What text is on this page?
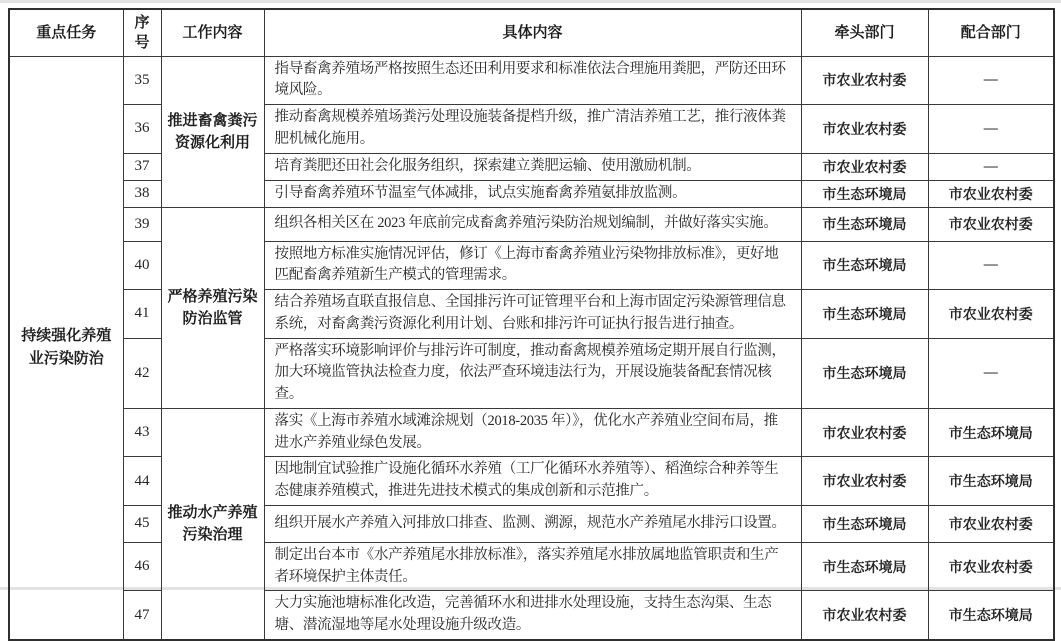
重点任务	序号	工作内容	具体内容	牵头部门	配合部门
持续强化养殖业污染防治	35	推进畜禽粪污资源化利用	指导畜禽养殖场严格按照生态还田利用要求和标准依法合理施用粪肥，严防还田环境风险。	市农业农村委	—
	36		推动畜禽规模养殖场粪污处理设施装备提档升级，推广清洁养殖工艺，推行液体粪肥机械化施用。	市农业农村委	—
	37		培育粪肥还田社会化服务组织，探索建立粪肥运输、使用激励机制。	市农业农村委	—
	38		引导畜禽养殖环节温室气体减排，试点实施畜禽养殖氨排放监测。	市生态环境局	市农业农村委
	39	严格养殖污染防治监管	组织各相关区在 2023 年底前完成畜禽养殖污染防治规划编制，并做好落实实施。	市生态环境局	市农业农村委
	40		按照地方标准实施情况评估，修订《上海市畜禽养殖业污染物排放标准》，更好地匹配畜禽养殖新生产模式的管理需求。	市生态环境局	—
	41		结合养殖场直联直报信息、全国排污许可证管理平台和上海市固定污染源管理信息系统，对畜禽粪污资源化利用计划、台账和排污许可证执行报告进行抽查。	市生态环境局	市农业农村委
	42		严格落实环境影响评价与排污许可制度，推动畜禽规模养殖场定期开展自行监测，加大环境监管执法检查力度，依法严查环境违法行为，开展设施装备配套情况核查。	市生态环境局	—
	43	推动水产养殖污染治理	落实《上海市养殖水域滩涂规划（2018-2035 年）》，优化水产养殖业空间布局，推进水产养殖业绿色发展。	市农业农村委	市生态环境局
	44		因地制宜试验推广设施化循环水养殖（工厂化循环水养殖等）、稻渔综合种养等生态健康养殖模式，推进先进技术模式的集成创新和示范推广。	市农业农村委	市生态环境局
	45		组织开展水产养殖入河排放口排查、监测、溯源，规范水产养殖尾水排污口设置。	市生态环境局	市农业农村委
	46		制定出台本市《水产养殖尾水排放标准》，落实养殖尾水排放属地监管职责和生产者环境保护主体责任。	市生态环境局	市农业农村委
	47		大力实施池塘标准化改造，完善循环水和进排水处理设施，支持生态沟渠、生态塘、潜流湿地等尾水处理设施升级改造。	市农业农村委	市生态环境局
